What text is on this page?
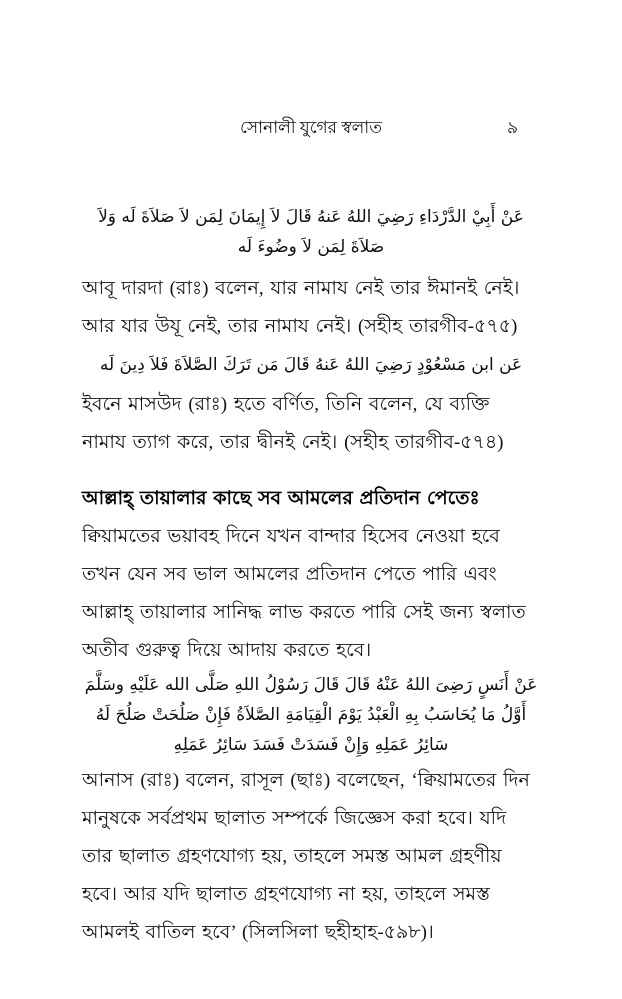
সোনালী যুগের স্বলাত	৯
عَنْ أَبِيْ الدَّرْدَاءِ رَضِيَ اللهُ عَنهُ قَالَ لاَ إِيمَانَ لِمَن لاَ صَلاَةَ لَه وَلاَ صَلاَةَ لِمَن لاَ وضُوءَ لَه
আবূ দারদা (রাঃ) বলেন, যার নামায নেই তার ঈমানই নেই। আর যার উযূ নেই, তার নামায নেই। (সহীহ তারগীব-৫৭৫)
عَن ابن مَسْعُوْدٍ رَضِيَ اللهُ عَنهُ قَالَ مَن تَرَكَ الصَّلاَةَ فَلاَ دِينَ لَه
ইবনে মাসউদ (রাঃ) হতে বর্ণিত, তিনি বলেন, যে ব্যক্তি নামায ত্যাগ করে, তার দ্বীনই নেই। (সহীহ তারগীব-৫৭৪)
আল্লাহ্ তায়ালার কাছে সব আমলের প্রতিদান পেতেঃ ক্বিয়ামতের ভয়াবহ দিনে যখন বান্দার হিসেব নেওয়া হবে তখন যেন সব ভাল আমলের প্রতিদান পেতে পারি এবং আল্লাহ্ তায়ালার সানিদ্ধ লাভ করতে পারি সেই জন্য স্বলাত অতীব গুরুত্ব দিয়ে আদায় করতে হবে।
عَنْ أَنَسٍ رَضِىَ اللهُ عَنْهُ قَالَ قَالَ رَسُوْلُ اللهِ صَلَّى الله عَلَيْهِ وسَلَّمَ أَوَّلُ مَا يُحَاسَبُ بِهِ الْعَبْدُ يَوْمَ الْقِيَامَةِ الصَّلاَةُ فَإِنْ صَلُحَتْ صَلُحَ لَهُ سَائِرُ عَمَلِهِ وَإِنْ فَسَدَتْ فَسَدَ سَائِرُ عَمَلِهِ
আনাস (রাঃ) বলেন, রাসূল (ছাঃ) বলেছেন, ‘ক্বিয়ামতের দিন মানুষকে সর্বপ্রথম ছালাত সম্পর্কে জিজ্ঞেস করা হবে। যদি তার ছালাত গ্রহণযোগ্য হয়, তাহলে সমস্ত আমল গ্রহণীয় হবে। আর যদি ছালাত গ্রহণযোগ্য না হয়, তাহলে সমস্ত আমলই বাতিল হবে’ (সিলসিলা ছহীহাহ-৫৯৮)।
